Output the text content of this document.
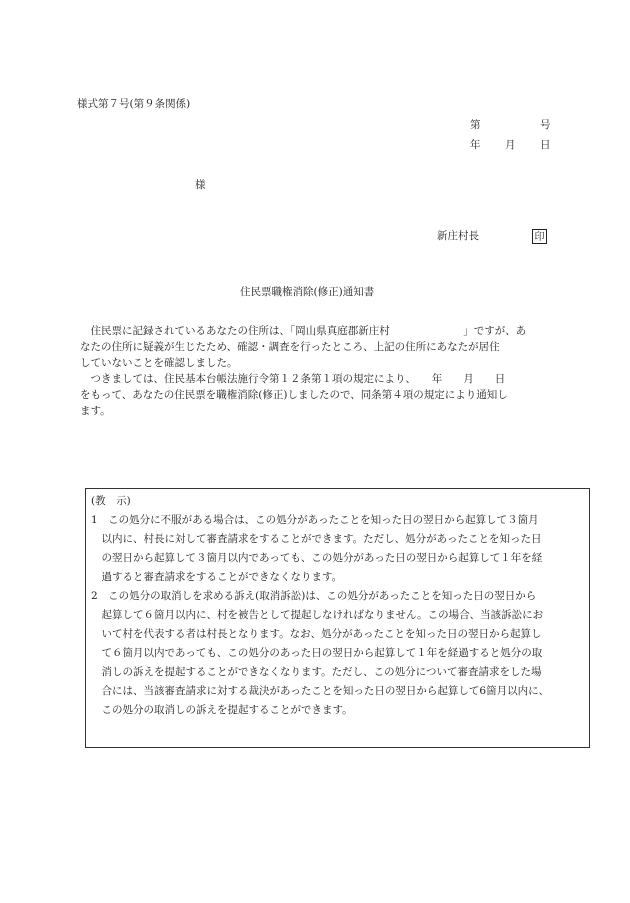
様式第７号(第９条関係)
第	号
年 月 日
様
新庄村長	印
住民票職権消除(修正)通知書
　住民票に記録されているあなたの住所は、「岡山県真庭郡新庄村　　　　　　　」ですが、あ
なたの住所に疑義が生じたため、確認・調査を行ったところ、上記の住所にあなたが居住
していないことを確認しました。
　つきましては、住民基本台帳法施行令第１２条第１項の規定により、　　年　　月　　日
をもって、あなたの住民票を職権消除(修正)しましたので、同条第４項の規定により通知し
ます。
(教　示)
1　この処分に不服がある場合は、この処分があったことを知った日の翌日から起算して３箇月
　以内に、村長に対して審査請求をすることができます。ただし、処分があったことを知った日
　の翌日から起算して３箇月以内であっても、この処分があった日の翌日から起算して１年を経
　過すると審査請求をすることができなくなります。
2　この処分の取消しを求める訴え(取消訴訟)は、この処分があったことを知った日の翌日から
　起算して６箇月以内に、村を被告として提起しなければなりません。この場合、当該訴訟にお
　いて村を代表する者は村長となります。なお、処分があったことを知った日の翌日から起算し
　て６箇月以内であっても、この処分のあった日の翌日から起算して１年を経過すると処分の取
　消しの訴えを提起することができなくなります。ただし、この処分について審査請求をした場
　合には、当該審査請求に対する裁決があったことを知った日の翌日から起算して6箇月以内に、
　この処分の取消しの訴えを提起することができます。
